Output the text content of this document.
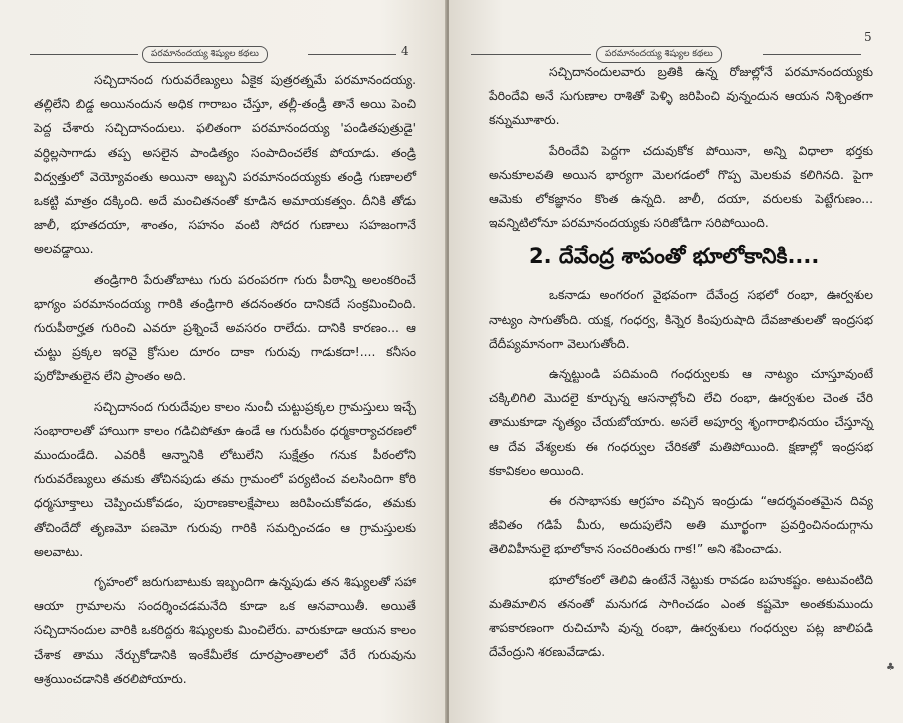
పరమానందయ్య శిష్యుల కథలు	4

సచ్చిదానంద గురువరేణ్యులు ఏకైక పుత్రరత్నమే పరమానందయ్య. తల్లిలేని బిడ్డ అయినందున అధిక గారాబం చేస్తూ, తల్లీ-తండ్రీ తానే అయి పెంచి పెద్ద చేశారు సచ్చిదానందులు. ఫలితంగా పరమానందయ్య 'పండితపుత్రుడై' వర్ధిల్లసాగాడు తప్ప అసలైన పాండిత్యం సంపాదించలేక పోయాడు. తండ్రి విద్వత్తులో వెయ్యోవంతు అయినా అబ్బని పరమానందయ్యకు తండ్రి గుణాలలో ఒకట్టి మాత్రం దక్కింది. అదే మంచితనంతో కూడిన అమాయకత్వం. దీనికి తోడు జాలీ, భూతదయా, శాంతం, సహనం వంటి సోదర గుణాలు సహజంగానే అలవడ్డాయి.

తండ్రిగారి పేరుతోబాటు గురు పరంపరగా గురు పీఠాన్ని అలంకరించే భాగ్యం పరమానందయ్య గారికి తండ్రిగారి తదనంతరం దానికదే సంక్రమించింది. గురుపీఠార్హత గురించి ఎవరూ ప్రశ్నించే అవసరం రాలేదు. దానికి కారణం... ఆ చుట్టు ప్రక్కల ఇరవై క్రోసుల దూరం దాకా గురువు గాడుకదా!.... కనీసం పురోహితులైన లేని ప్రాంతం అది.

సచ్చిదానంద గురుదేవుల కాలం నుంచీ చుట్టుప్రక్కల గ్రామస్తులు ఇచ్చే సంభారాలతో హాయిగా కాలం గడిచిపోతూ ఉండే ఆ గురుపీఠం ధర్మకార్యాచరణలో ముందుండేది. ఎవరికీ ఆన్నానికి లోటులేని సుక్షేత్రం గనుక పీఠంలోని గురువరేణ్యులు తమకు తోచినపుడు తమ గ్రామంలో పర్యటించ వలసిందిగా కోరి ధర్మసూక్తాలు చెప్పించుకోవడం, పురాణకాలక్షేపాలు జరిపించుకోవడం, తమకు తోచిందేదో తృణమో పణమో గురువు గారికి సమర్పించడం ఆ గ్రామస్తులకు అలవాటు.

గృహంలో జరుగుబాటుకు ఇబ్బందిగా ఉన్నపుడు తన శిష్యులతో సహా ఆయా గ్రామాలను సందర్శించడమనేది కూడా ఒక ఆనవాయితీ. అయితే సచ్చిదానందుల వారికి ఒకరిద్దరు శిష్యులకు మించిలేరు. వారుకూడా ఆయన కాలం చేశాక తాము నేర్చుకోడానికి ఇంకేమీలేక దూరప్రాంతాలలో వేరే గురువును ఆశ్రయించడానికి తరలిపోయారు.

పరమానందయ్య శిష్యుల కథలు
5

సచ్చిదానందులవారు బ్రతికి ఉన్న రోజుల్లోనే పరమానందయ్యకు పేరిందేవి అనే సుగుణాల రాశితో పెళ్ళి జరిపించి వున్నందున ఆయన నిశ్చింతగా కన్నుమూశారు.

పేరిందేవి పెద్దగా చదువుకోక పోయినా, అన్ని విధాలా భర్తకు అనుకూలవతి అయిన భార్యగా మెలగడంలో గొప్ప మెలకువ కలిగినది. పైగా ఆమెకు లోకజ్ఞానం కొంత ఉన్నది. జాలీ, దయా, వరులకు పెట్టేగుణం... ఇవన్నిటిలోనూ పరమానందయ్యకు సరిజోడిగా సరిపోయింది.

2. దేవేంద్ర శాపంతో భూలోకానికి....

ఒకనాడు అంగరంగ వైభవంగా దేవేంద్ర సభలో రంభా, ఊర్వశుల నాట్యం సాగుతోంది. యక్ష, గంధర్వ, కిన్నెర కింపురుషాది దేవజాతులతో ఇంద్రసభ దేదీప్యమానంగా వెలుగుతోంది.

ఉన్నట్టుండి పదిమంది గంధర్వులకు ఆ నాట్యం చూస్తూవుంటే చక్కిలిగిలి మొదలై కూర్చున్న ఆసనాల్లోంచి లేచి రంభా, ఊర్వశుల చెంత చేరి తాముకూడా నృత్యం చేయబోయారు. అసలే అపూర్వ శృంగారాభినయం చేస్తూన్న ఆ దేవ వేశ్యలకు ఈ గంధర్వుల చేరికతో మతిపోయింది. క్షణాల్లో ఇంద్రసభ కకావికలం అయింది.

ఈ రసాభాసకు ఆగ్రహం వచ్చిన ఇంద్రుడు “ఆదర్శవంతమైన దివ్య జీవితం గడిపే మీరు, అదుపులేని అతి మూర్ఖంగా ప్రవర్తించినందుగ్గాను తెలివిహీనులై భూలోకాన సంచరింతురు గాక!” అని శపించాడు.

భూలోకంలో తెలివి ఉంటేనే నెట్టుకు రావడం బహుకష్టం. అటువంటిది మతిమాలిన తనంతో మనుగడ సాగించడం ఎంత కష్టమో అంతకుముందు శాపకారణంగా రుచిచూసి వున్న రంభా, ఊర్వశులు గంధర్వుల పట్ల జాలిపడి దేవేంద్రుని శరణువేడాడు.

♣
